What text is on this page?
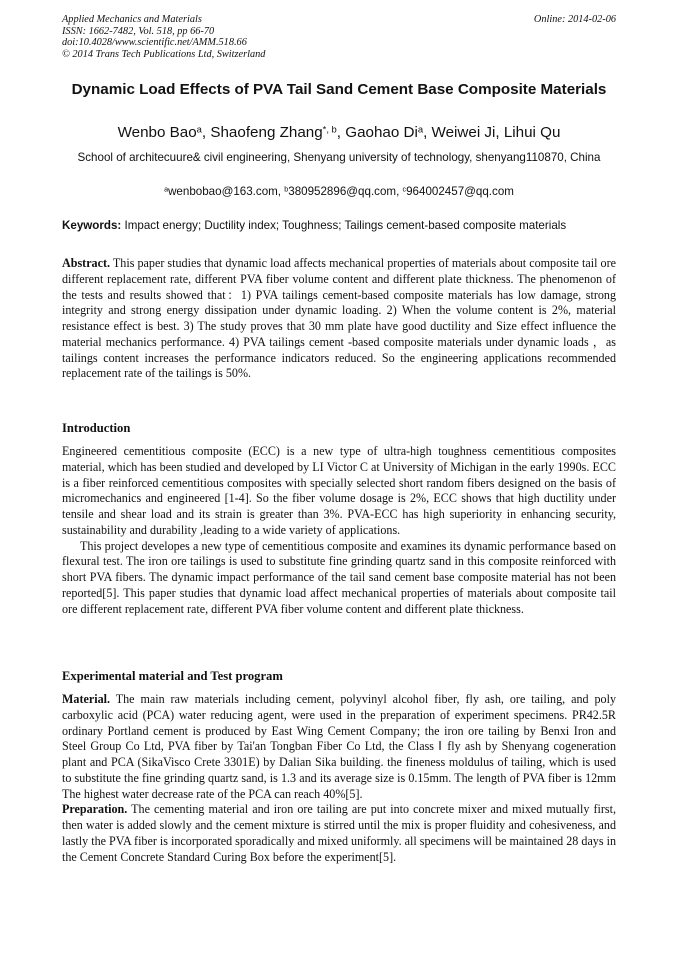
Applied Mechanics and Materials
ISSN: 1662-7482, Vol. 518, pp 66-70
doi:10.4028/www.scientific.net/AMM.518.66
© 2014 Trans Tech Publications Ltd, Switzerland
Online: 2014-02-06
Dynamic Load Effects of PVA Tail Sand Cement Base Composite Materials
Wenbo Bao$^a$, Shaofeng Zhang$^{*, b}$, Gaohao Di$^a$, Weiwei Ji, Lihui Qu
School of architecuure& civil engineering, Shenyang university of technology, shenyang110870, China
$^a$wenbobao@163.com, $^b$380952896@qq.com, $^c$964002457@qq.com
Keywords: Impact energy; Ductility index; Toughness; Tailings cement-based composite materials

Abstract. This paper studies that dynamic load affects mechanical properties of materials about composite tail ore different replacement rate, different PVA fiber volume content and different plate thickness. The phenomenon of the tests and results showed that：1) PVA tailings cement-based composite materials has low damage, strong integrity and strong energy dissipation under dynamic loading. 2) When the volume content is 2%, material resistance effect is best. 3) The study proves that 30 mm plate have good ductility and Size effect influence the material mechanics performance. 4) PVA tailings cement -based composite materials under dynamic loads ，as tailings content increases the performance indicators reduced. So the engineering applications recommended replacement rate of the tailings is 50%.

Introduction

Engineered cementitious composite (ECC) is a new type of ultra-high toughness cementitious composites material, which has been studied and developed by LI Victor C at University of Michigan in the early 1990s. ECC is a fiber reinforced cementitious composites with specially selected short random fibers designed on the basis of micromechanics and engineered [1-4]. So the fiber volume dosage is 2%, ECC shows that high ductility under tensile and shear load and its strain is greater than 3%. PVA-ECC has high superiority in enhancing security, sustainability and durability ,leading to a wide variety of applications.

This project developes a new type of cementitious composite and examines its dynamic performance based on flexural test. The iron ore tailings is used to substitute fine grinding quartz sand in this composite reinforced with short PVA fibers. The dynamic impact performance of the tail sand cement base composite material has not been reported[5]. This paper studies that dynamic load affect mechanical properties of materials about composite tail ore different replacement rate, different PVA fiber volume content and different plate thickness.

Experimental material and Test program

Material. The main raw materials including cement, polyvinyl alcohol fiber, fly ash, ore tailing, and poly carboxylic acid (PCA) water reducing agent, were used in the preparation of experiment specimens. PR42.5R ordinary Portland cement is produced by East Wing Cement Company; the iron ore tailing by Benxi Iron and Steel Group Co Ltd, PVA fiber by Tai'an Tongban Fiber Co Ltd, the Class Ⅰ fly ash by Shenyang cogeneration plant and PCA (SikaVisco Crete 3301E) by Dalian Sika building. the fineness moldulus of tailing, which is used to substitute the fine grinding quartz sand, is 1.3 and its average size is 0.15mm. The length of PVA fiber is 12mm The highest water decrease rate of the PCA can reach 40%[5].

Preparation. The cementing material and iron ore tailing are put into concrete mixer and mixed mutually first, then water is added slowly and the cement mixture is stirred until the mix is proper fluidity and cohesiveness, and lastly the PVA fiber is incorporated sporadically and mixed uniformly. all specimens will be maintained 28 days in the Cement Concrete Standard Curing Box before the experiment[5].
